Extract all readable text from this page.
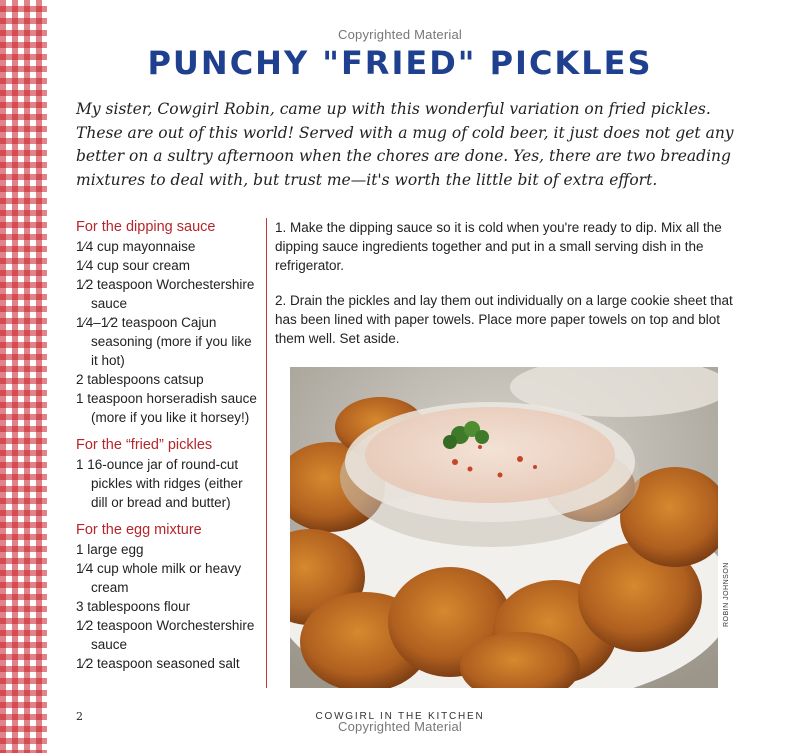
Copyrighted Material
PUNCHY "FRIED" PICKLES

My sister, Cowgirl Robin, came up with this wonderful variation on fried pickles. These are out of this world! Served with a mug of cold beer, it just does not get any better on a sultry afternoon when the chores are done. Yes, there are two breading mixtures to deal with, but trust me—it's worth the little bit of extra effort.

For the dipping sauce
1⁄4 cup mayonnaise
1⁄4 cup sour cream
1⁄2 teaspoon Worchestershire sauce
1⁄4–1⁄2 teaspoon Cajun seasoning (more if you like it hot)
2 tablespoons catsup
1 teaspoon horseradish sauce (more if you like it horsey!)
For the “fried” pickles
1 16-ounce jar of round-cut pickles with ridges (either dill or bread and butter)
For the egg mixture
1 large egg
1⁄4 cup whole milk or heavy cream
3 tablespoons flour
1⁄2 teaspoon Worchestershire sauce
1⁄2 teaspoon seasoned salt

1. Make the dipping sauce so it is cold when you're ready to dip. Mix all the dipping sauce ingredients together and put in a small serving dish in the refrigerator.

2. Drain the pickles and lay them out individually on a large cookie sheet that has been lined with paper towels. Place more paper towels on top and blot them well. Set aside.

ROBIN JOHNSON
2	COWGIRL IN THE KITCHEN
Copyrighted Material
